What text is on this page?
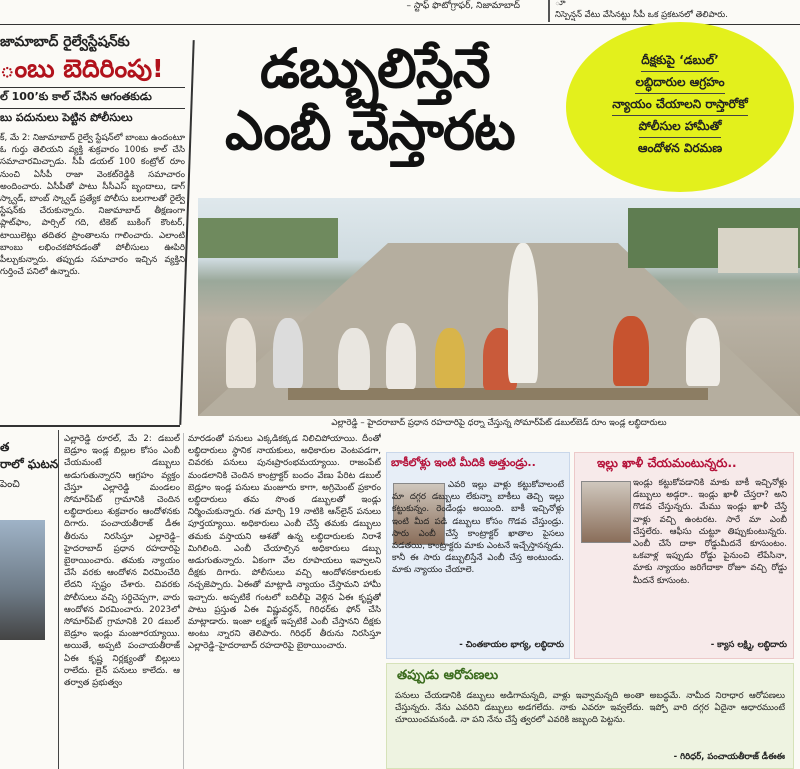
– స్టాఫ్ ఫొటోగ్రాఫర్, నిజామాబాద్	ూ
నిస్పెన్షన్ వేటు వేసినట్టు సీపీ ఒక ప్రకటనలో తెలిపారు.
జామాబాద్ రైల్వేస్టేషన్‌కు
ంబు బెదిరింపు!
ల్ 100’కు కాల్ చేసిన ఆగంతకుడు
బు పదునులు పెట్టిన పోలీసులు
క్‌, మే 2: నిజామాబాద్ రైల్వే స్టేషన్‌లో బాంబు ఉందంటూ ఓ గుర్తు తెలియని వ్యక్తి శుక్రవారం 100కు కాల్ చేసి సమాచారమిచ్చాడు. సీపీ డయల్ 100 కంట్రోల్ రూం నుంచి ఏసీపీ రాజా వెంకట్‌రెడ్డికి సమాచారం అందించారు. ఏసీపీతో పాటు సీసీఎస్ బృందాలు, డాగ్ స్క్వాడ్, బాంబ్ స్క్వాడ్ ప్రత్యేక పోలీసు బలగాలతో రైల్వే స్టేషన్‌కు చేరుకున్నారు. నిజామాబాద్ తీక్షణంగా ప్లాట్‌ఫాం, పార్సిల్ గది, టికెట్ బుకింగ్ కౌంటర్, టాయిలెట్లు తదితర ప్రాంతాలను గాలించారు. ఎలాంటి బాంబు లభించకపోవడంతో పోలీసులు ఊపిరి పీల్చుకున్నారు. తప్పుడు సమాచారం ఇచ్చిన వ్యక్తిని గుర్తించే పనిలో ఉన్నారు.
త
రాలో ఘటన
పెంచి
డబ్బులిస్తేనే
ఎంబీ చేస్తారట
దీక్షకుపై ‘డబుల్’
లబ్ధిదారుల ఆగ్రహం
న్యాయం చేయాలని రాస్తారోకో
పోలీసుల హామీతో
ఆందోళన విరమణ
ఎల్లారెడ్డి – హైదరాబాద్ ప్రధాన రహదారిపై ధర్నా చేస్తున్న సోమార్‌పేట్ డబుల్‌బెడ్ రూం ఇండ్ల లబ్ధిదారులు
ఎల్లారెడ్డి రూరల్, మే 2: డబుల్ బెడ్రూం ఇండ్ల బిల్లుల కోసం ఎంబీ చేయమంటే డబ్బులు అడుగుతున్నారని ఆగ్రహం వ్యక్తం చేస్తూ ఎల్లారెడ్డి మండలం సోమార్‌పేట్ గ్రామానికి చెందిన లబ్ధిదారులు శుక్రవారం ఆందోళనకు దిగారు. పంచాయతీరాజ్ డీఈ తీరును నిరసిస్తూ ఎల్లారెడ్డి–హైదరాబాద్ ప్రధాన రహదారిపై బైఠాయించారు. తమకు న్యాయం చేసే వరకు ఆందోళన విరమించేది లేదని స్పష్టం చేశారు. చివరకు పోలీసులు వచ్చి సర్దిచెప్పగా, వారు ఆందోళన విరమించారు. 2023లో సోమార్‌పేట్ గ్రామానికి 20 డబుల్ బెడ్రూం ఇండ్లు మంజూరయ్యాయి. అయితే, అప్పటి పంచాయతీరాజ్ ఏఈ కృష్ణ నిర్లక్ష్యంతో బిల్లులు రాలేదు. లైన్ పనులు కాలేదు. ఆ తర్వాత ప్రభుత్వం
మారడంతో పనులు ఎక్కడికక్కడ నిలిచిపోయాయి. దీంతో లబ్ధిదారులు స్థానిక నాయకులు, అధికారుల వెంటపడగా, చివరకు పనులు పునఃప్రారంభమయ్యాయి. రాజంపేట్ మండలానికి చెందిన కాంట్రాక్టర్ బందం వేణు పేరిట డబుల్ బెడ్రూం ఇండ్ల పనులు మంజూరు కాగా, అగ్రిమెంట్ ప్రకారం లబ్ధిదారులు తమ సొంత డబ్బులతో ఇండ్లు నిర్మించుకున్నారు. గత మార్చి 19 నాటికి ఆన్‌లైన్ పనులు పూర్తయ్యాయి. అధికారులు ఎంబీ చేస్తే తమకు డబ్బులు తమకు వస్తాయని ఆశతో ఉన్న లబ్ధిదారులకు నిరాశే మిగిలింది. ఎంబీ చేయాల్సిన అధికారులు డబ్బు అడుగుతున్నారు. ఏకంగా వేల రూపాయలు ఇవ్వాలని దీక్షకు దిగారు. పోలీసులు వచ్చి ఆందోళనకారులకు నచ్చజెప్పారు. ఏఈతో మాట్లాడి న్యాయం చేస్తామని హామీ ఇచ్చారు. అప్పటికే గంటలో బదిలీపై వెళ్లిన ఏఈ కృష్ణతో పాటు ప్రస్తుత ఏఈ విష్ణువర్ధన్, గిరిధర్‌కు ఫోన్ చేసి మాట్లాడారు. ఇంజా లక్ష్మణ్ ఇప్పటికే ఎంబీ చేస్తానని దీక్షకు అంటు న్నారని తెలిపారు. గిరిధర్ తీరును నిరసిస్తూ ఎల్లారెడ్డి–హైదరాబాద్ రహదారిపై బైఠాయించారు.
బాకీలోళ్లు ఇంటి మీదికి అత్తుండ్రు..
ఎవరి ఇల్లు వాళ్లు కట్టుకోవాలంటే మా దగ్గర డబ్బులు లేకున్నా బాకీలు తెచ్చి ఇల్లు కట్టుకున్నం. రెండేండ్లు అయింది. బాకీ ఇచ్చినోళ్లు ఇంటి మీద పడి డబ్బులు కోసం గొడవ చేస్తుండ్రు. సారు ఎంబీ చేస్తే కాంట్రాక్టర్ ఖాతాల పైసలు పడతయి, కాంట్రాక్టరు మాకు ఎంటనే ఇచ్చేస్తానన్నడు. కానీ ఈ సారు డబ్బులిస్తేనే ఎంబీ చేస్త అంటుండు. మాకు న్యాయం చేయాలె.
- చింతకాయల భాగ్య, లబ్ధిదారు
ఇల్లు ఖాళీ చేయమంటున్నరు..
ఇండ్లు కట్టుకోవడానికి మాకు బాకీ ఇచ్చినోళ్లు డబ్బులు అడ్గరా.. ఇండ్లు ఖాళీ చేస్తరా? అని గొడవ చేస్తున్నరు. మేము ఇండ్లు ఖాళీ చేస్తే వాళ్లు వచ్చి ఉంటరట. సారే మా ఎంబీ చేస్తలేరు. ఆఫీసు చుట్టూ తిప్పుకుంటున్నరు. ఎంబీ చేసే దాకా రోడ్డుమీదనే కూసుంటం. ఒకవాళ్ల ఇప్పుడు రోడ్డు పైనుంచి లేపేసినా, మాకు న్యాయం జరిగేదాకా రోజూ వచ్చి రోడ్డు మీదనే కూసుంట.
- క్యాస లక్ష్మి, లబ్ధిదారు
తప్పుడు ఆరోపణలు
పనులు చేయడానికి డబ్బులు అడిగామన్నది, వాళ్లు ఇవ్వామన్నది అంతా అబద్ధమే. నామీద నిరాధార ఆరోపణలు చేస్తున్నరు. నేను ఎవరిని డబ్బులు అడగలేదు. నాకు ఎవరూ ఇవ్వలేదు. ఇప్పో వారి దగ్గర ఏదైనా ఆధారముంటే చూయించమనండి. నా పని నేను చేస్తే త్వరలో ఎవరికి జబ్బంది పెట్టను.
- గిరిధర్, పంచాయతీరాజ్ డీఈఈ
